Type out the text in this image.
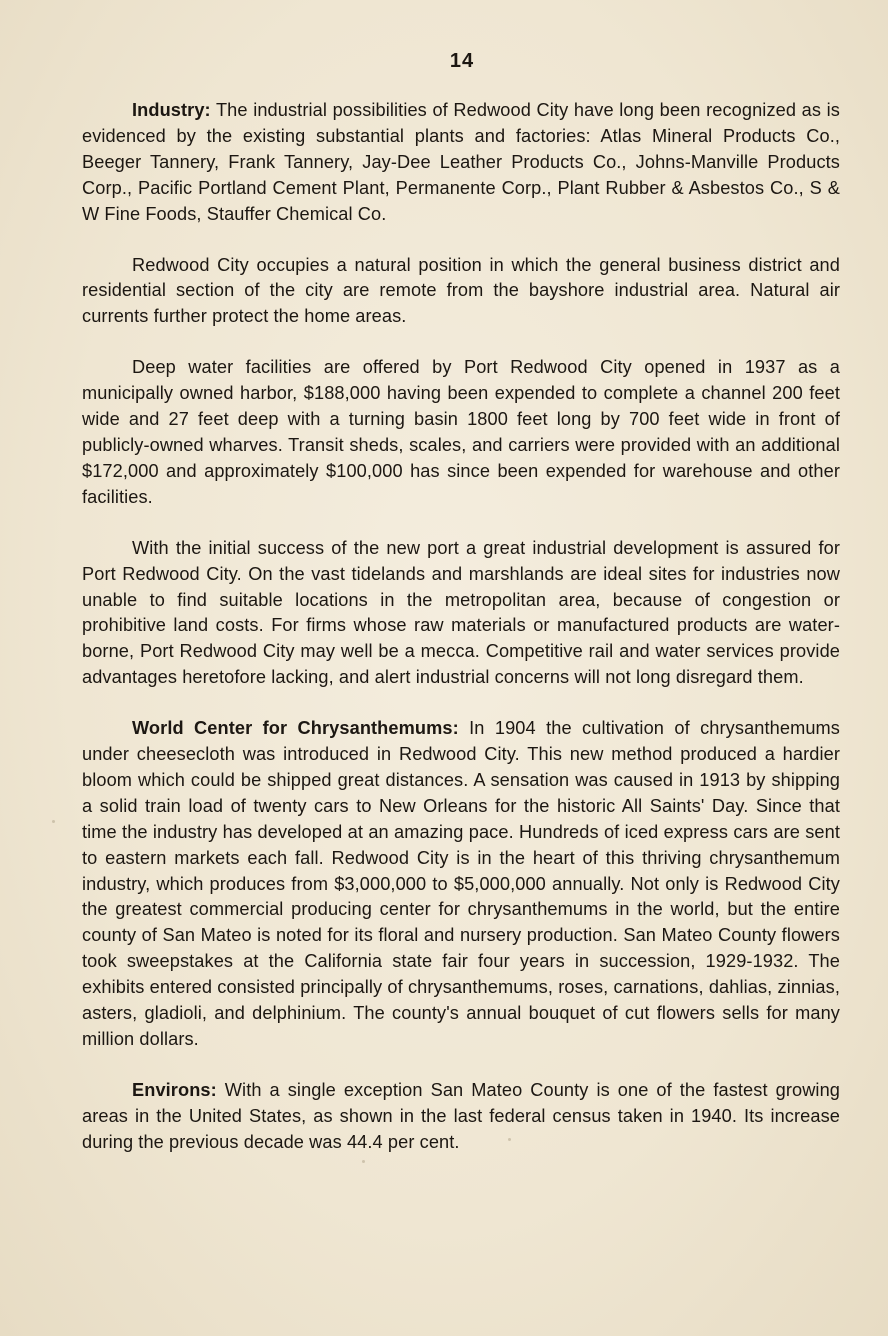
14

Industry: The industrial possibilities of Redwood City have long been recognized as is evidenced by the existing substantial plants and factories: Atlas Mineral Products Co., Beeger Tannery, Frank Tannery, Jay-Dee Leather Products Co., Johns-Manville Products Corp., Pacific Portland Cement Plant, Permanente Corp., Plant Rubber & Asbestos Co., S & W Fine Foods, Stauffer Chemical Co.

Redwood City occupies a natural position in which the general business district and residential section of the city are remote from the bayshore industrial area. Natural air currents further protect the home areas.

Deep water facilities are offered by Port Redwood City opened in 1937 as a municipally owned harbor, $188,000 having been expended to complete a channel 200 feet wide and 27 feet deep with a turning basin 1800 feet long by 700 feet wide in front of publicly-owned wharves. Transit sheds, scales, and carriers were provided with an additional $172,000 and approximately $100,000 has since been expended for warehouse and other facilities.

With the initial success of the new port a great industrial development is assured for Port Redwood City. On the vast tidelands and marshlands are ideal sites for industries now unable to find suitable locations in the metropolitan area, because of congestion or prohibitive land costs. For firms whose raw materials or manufactured products are water-borne, Port Redwood City may well be a mecca. Competitive rail and water services provide advantages heretofore lacking, and alert industrial concerns will not long disregard them.

World Center for Chrysanthemums: In 1904 the cultivation of chrysanthemums under cheesecloth was introduced in Redwood City. This new method produced a hardier bloom which could be shipped great distances. A sensation was caused in 1913 by shipping a solid train load of twenty cars to New Orleans for the historic All Saints' Day. Since that time the industry has developed at an amazing pace. Hundreds of iced express cars are sent to eastern markets each fall. Redwood City is in the heart of this thriving chrysanthemum industry, which produces from $3,000,000 to $5,000,000 annually. Not only is Redwood City the greatest commercial producing center for chrysanthemums in the world, but the entire county of San Mateo is noted for its floral and nursery production. San Mateo County flowers took sweepstakes at the California state fair four years in succession, 1929-1932. The exhibits entered consisted principally of chrysanthemums, roses, carnations, dahlias, zinnias, asters, gladioli, and delphinium. The county's annual bouquet of cut flowers sells for many million dollars.

Environs: With a single exception San Mateo County is one of the fastest growing areas in the United States, as shown in the last federal census taken in 1940. Its increase during the previous decade was 44.4 per cent.
